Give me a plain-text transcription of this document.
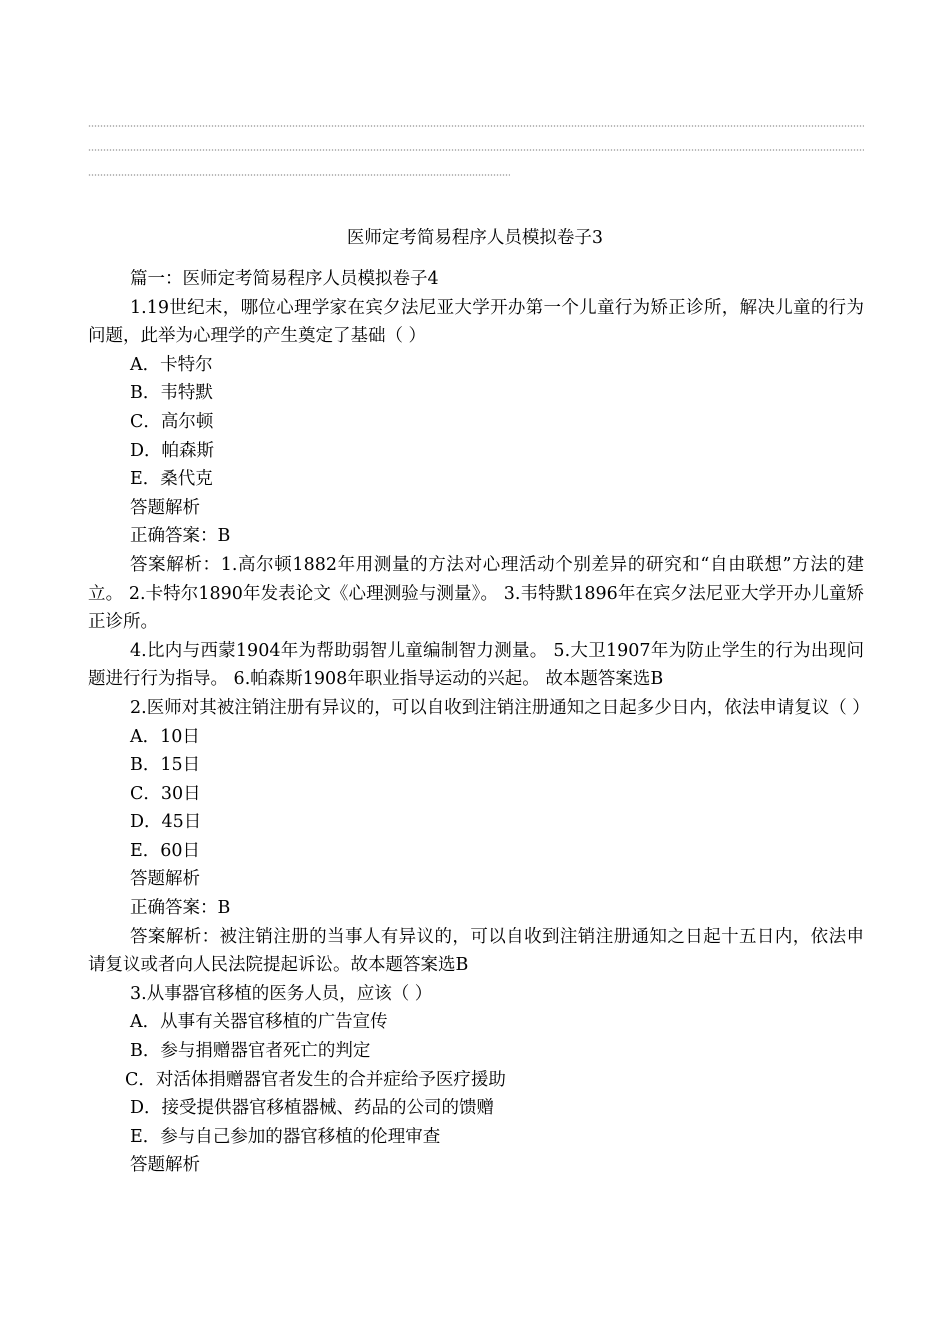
医师定考简易程序人员模拟卷子3

篇一：医师定考简易程序人员模拟卷子4

1.19世纪末，哪位心理学家在宾夕法尼亚大学开办第一个儿童行为矫正诊所，解决儿童的行为问题，此举为心理学的产生奠定了基础（ ）

A．卡特尔

B．韦特默

C．高尔顿

D．帕森斯

E．桑代克

答题解析

正确答案：B

答案解析：1.高尔顿1882年用测量的方法对心理活动个别差异的研究和“自由联想”方法的建立。 2.卡特尔1890年发表论文《心理测验与测量》。 3.韦特默1896年在宾夕法尼亚大学开办儿童矫正诊所。

4.比内与西蒙1904年为帮助弱智儿童编制智力测量。 5.大卫1907年为防止学生的行为出现问题进行行为指导。 6.帕森斯1908年职业指导运动的兴起。 故本题答案选B

2.医师对其被注销注册有异议的，可以自收到注销注册通知之日起多少日内，依法申请复议（ ）

A．10日

B．15日

C．30日

D．45日

E．60日

答题解析

正确答案：B

答案解析：被注销注册的当事人有异议的，可以自收到注销注册通知之日起十五日内，依法申请复议或者向人民法院提起诉讼。故本题答案选B

3.从事器官移植的医务人员，应该（ ）

A．从事有关器官移植的广告宣传

B．参与捐赠器官者死亡的判定

C．对活体捐赠器官者发生的合并症给予医疗援助

D．接受提供器官移植器械、药品的公司的馈赠

E．参与自己参加的器官移植的伦理审查

答题解析
